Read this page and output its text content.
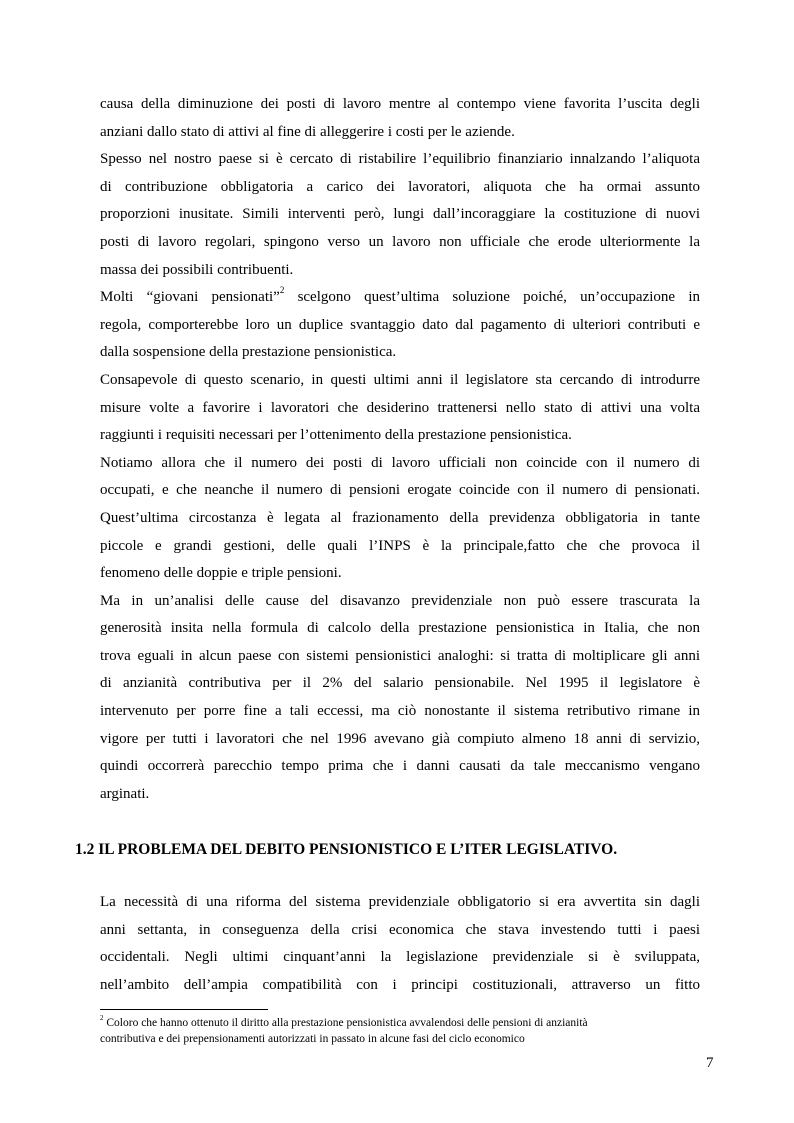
causa della diminuzione dei posti di lavoro mentre al contempo viene favorita l’uscita degli
anziani dallo stato di attivi al fine di alleggerire i costi per le aziende.
Spesso nel nostro paese si è cercato di ristabilire l’equilibrio finanziario innalzando l’aliquota
di contribuzione obbligatoria a carico dei lavoratori, aliquota che ha ormai assunto
proporzioni inusitate. Simili interventi però, lungi dall’incoraggiare la costituzione di nuovi
posti di lavoro regolari, spingono verso un lavoro non ufficiale che erode ulteriormente la
massa dei possibili contribuenti.
Molti “giovani pensionati”$^2$ scelgono quest’ultima soluzione poiché, un’occupazione in
regola, comporterebbe loro un duplice svantaggio dato dal pagamento di ulteriori contributi e
dalla sospensione della prestazione pensionistica.
Consapevole di questo scenario, in questi ultimi anni il legislatore sta cercando di introdurre
misure volte a favorire i lavoratori che desiderino trattenersi nello stato di attivi una volta
raggiunti i requisiti necessari per l’ottenimento della prestazione pensionistica.
Notiamo allora che il numero dei posti di lavoro ufficiali non coincide con il numero di
occupati, e che neanche il numero di pensioni erogate coincide con il numero di pensionati.
Quest’ultima circostanza è legata al frazionamento della previdenza obbligatoria in tante
piccole e grandi gestioni, delle quali l’INPS è la principale,fatto che che provoca il
fenomeno delle doppie e triple pensioni.
Ma in un’analisi delle cause del disavanzo previdenziale non può essere trascurata la
generosità insita nella formula di calcolo della prestazione pensionistica in Italia, che non
trova eguali in alcun paese con sistemi pensionistici analoghi: si tratta di moltiplicare gli anni
di anzianità contributiva per il 2% del salario pensionabile. Nel 1995 il legislatore è
intervenuto per porre fine a tali eccessi, ma ciò nonostante il sistema retributivo rimane in
vigore per tutti i lavoratori che nel 1996 avevano già compiuto almeno 18 anni di servizio,
quindi occorrerà parecchio tempo prima che i danni causati da tale meccanismo vengano
arginati.
1.2 IL PROBLEMA DEL DEBITO PENSIONISTICO E L’ITER LEGISLATIVO.
La necessità di una riforma del sistema previdenziale obbligatorio si era avvertita sin dagli
anni settanta, in conseguenza della crisi economica che stava investendo tutti i paesi
occidentali. Negli ultimi cinquant’anni la legislazione previdenziale si è sviluppata,
nell’ambito dell’ampia compatibilità con i principi costituzionali, attraverso un fitto
$^2$ Coloro che hanno ottenuto il diritto alla prestazione pensionistica avvalendosi delle pensioni di anzianità
contributiva e dei prepensionamenti autorizzati in passato in alcune fasi del ciclo economico
7
